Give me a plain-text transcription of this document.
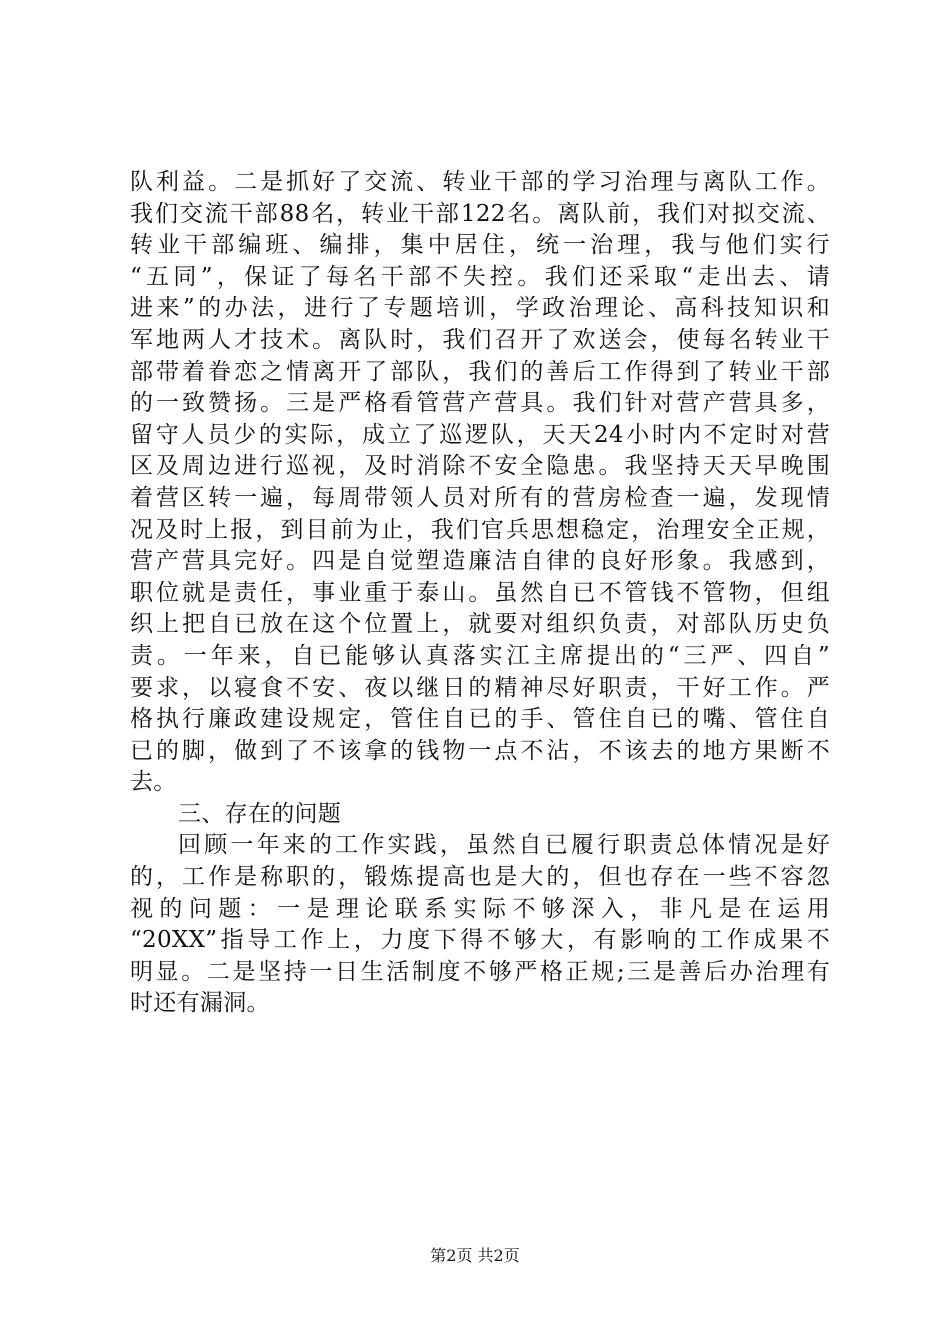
队利益。二是抓好了交流、转业干部的学习治理与离队工作。
我们交流干部88名，转业干部122名。离队前，我们对拟交流、
转业干部编班、编排，集中居住，统一治理，我与他们实行
“五同”，保证了每名干部不失控。我们还采取“走出去、请
进来”的办法，进行了专题培训，学政治理论、高科技知识和
军地两人才技术。离队时，我们召开了欢送会，使每名转业干
部带着眷恋之情离开了部队，我们的善后工作得到了转业干部
的一致赞扬。三是严格看管营产营具。我们针对营产营具多，
留守人员少的实际，成立了巡逻队，天天24小时内不定时对营
区及周边进行巡视，及时消除不安全隐患。我坚持天天早晚围
着营区转一遍，每周带领人员对所有的营房检查一遍，发现情
况及时上报，到目前为止，我们官兵思想稳定，治理安全正规，
营产营具完好。四是自觉塑造廉洁自律的良好形象。我感到，
职位就是责任，事业重于泰山。虽然自已不管钱不管物，但组
织上把自已放在这个位置上，就要对组织负责，对部队历史负
责。一年来，自已能够认真落实江主席提出的“三严、四自”
要求，以寝食不安、夜以继日的精神尽好职责，干好工作。严
格执行廉政建设规定，管住自已的手、管住自已的嘴、管住自
已的脚，做到了不该拿的钱物一点不沾，不该去的地方果断不
去。
三、存在的问题
回顾一年来的工作实践，虽然自已履行职责总体情况是好
的，工作是称职的，锻炼提高也是大的，但也存在一些不容忽
视的问题：一是理论联系实际不够深入，非凡是在运用
“20XX”指导工作上，力度下得不够大，有影响的工作成果不
明显。二是坚持一日生活制度不够严格正规;三是善后办治理有
时还有漏洞。
第2页 共2页
